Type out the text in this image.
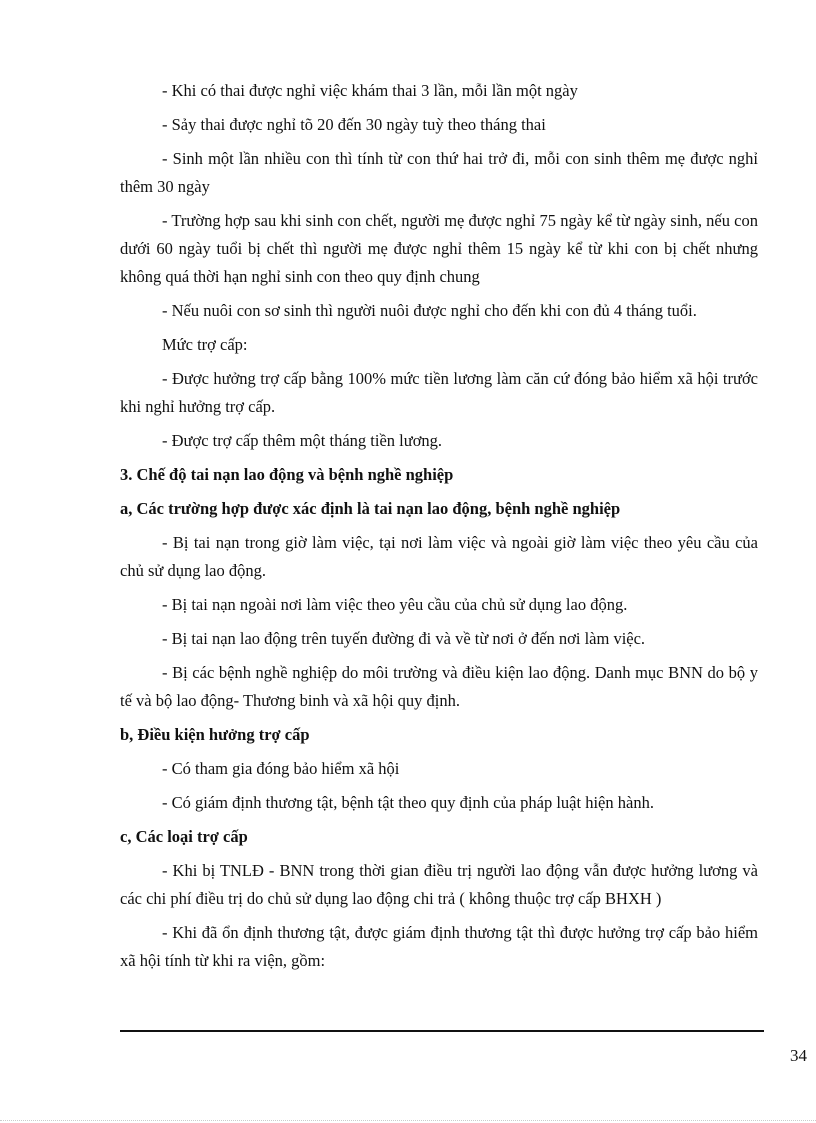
- Khi có thai được nghỉ việc khám thai 3 lần, mỗi lần một ngày

- Sảy thai được nghỉ tõ 20 đến 30 ngày tuỳ theo tháng thai

- Sinh một lần nhiều con thì tính từ con thứ hai trở đi, mỗi con sinh thêm mẹ được nghỉ thêm 30 ngày

- Trường hợp sau khi sinh con chết, người mẹ được nghỉ 75 ngày kể từ ngày sinh, nếu con dưới 60 ngày tuổi bị chết thì người mẹ được nghỉ thêm 15 ngày kể từ khi con bị chết nhưng không quá thời hạn nghỉ sinh con theo quy định chung

- Nếu nuôi con sơ sinh thì người nuôi được nghỉ cho đến khi con đủ 4 tháng tuổi.

Mức trợ cấp:

- Được hưởng trợ cấp bằng 100% mức tiền lương làm căn cứ đóng bảo hiểm xã hội trước khi nghỉ hưởng trợ cấp.

- Được trợ cấp thêm một tháng tiền lương.

3. Chế độ tai nạn lao động và bệnh nghề nghiệp

a, Các trường hợp được xác định là tai nạn lao động, bệnh nghề nghiệp

- Bị tai nạn trong giờ làm việc, tại nơi làm việc và ngoài giờ làm việc theo yêu cầu của chủ sử dụng lao động.

- Bị tai nạn ngoài nơi làm việc theo yêu cầu của chủ sử dụng lao động.

- Bị tai nạn lao động trên tuyến đường đi và về từ nơi ở đến nơi làm việc.

- Bị các bệnh nghề nghiệp do môi trường và điều kiện lao động. Danh mục BNN do bộ y tế và bộ lao động- Thương binh và xã hội quy định.

b, Điều kiện hưởng trợ cấp

- Có tham gia đóng bảo hiểm xã hội

- Có giám định thương tật, bệnh tật theo quy định của pháp luật hiện hành.

c, Các loại trợ cấp

- Khi bị TNLĐ - BNN trong thời gian điều trị người lao động vẫn được hưởng lương và các chi phí điều trị do chủ sử dụng lao động chi trả ( không thuộc trợ cấp BHXH )

- Khi đã ổn định thương tật, được giám định thương tật thì được hưởng trợ cấp bảo hiểm xã hội tính từ khi ra viện, gồm:

34
